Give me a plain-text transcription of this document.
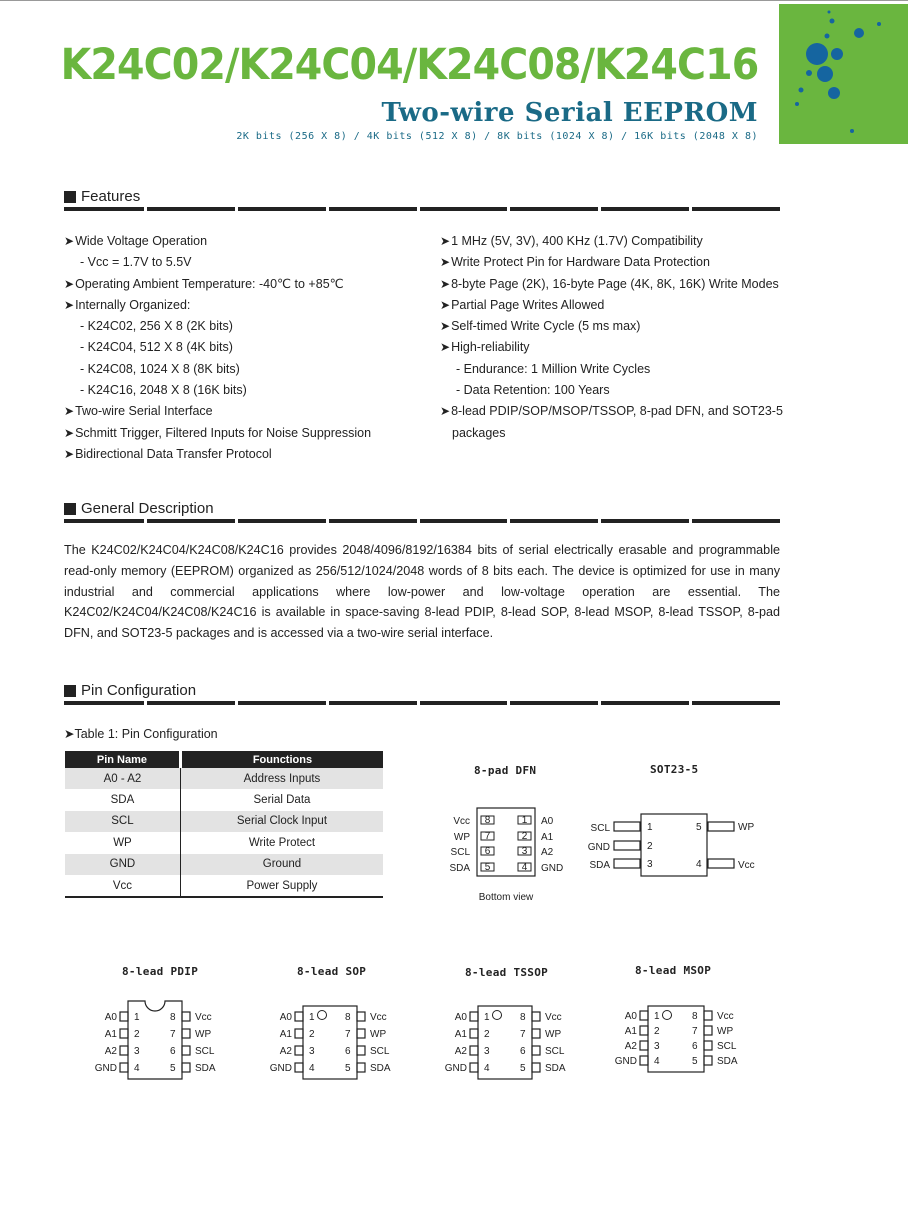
K24C02/K24C04/K24C08/K24C16
Two-wire Serial EEPROM
2K bits (256 X 8) / 4K bits (512 X 8) / 8K bits (1024 X 8) / 16K bits (2048 X 8)
Features
➤Wide Voltage Operation
- Vcc = 1.7V to 5.5V
➤Operating Ambient Temperature: -40℃ to +85℃
➤Internally Organized:
- K24C02, 256 X 8 (2K bits)
- K24C04, 512 X 8 (4K bits)
- K24C08, 1024 X 8 (8K bits)
- K24C16, 2048 X 8 (16K bits)
➤Two-wire Serial Interface
➤Schmitt Trigger, Filtered Inputs for Noise Suppression
➤Bidirectional Data Transfer Protocol
➤1 MHz (5V, 3V), 400 KHz (1.7V) Compatibility
➤Write Protect Pin for Hardware Data Protection
➤8-byte Page (2K), 16-byte Page (4K, 8K, 16K) Write Modes
➤Partial Page Writes Allowed
➤Self-timed Write Cycle (5 ms max)
➤High-reliability
- Endurance: 1 Million Write Cycles
- Data Retention: 100 Years
➤8-lead PDIP/SOP/MSOP/TSSOP, 8-pad DFN, and SOT23-5
packages
General Description
The K24C02/K24C04/K24C08/K24C16 provides 2048/4096/8192/16384 bits of serial electrically erasable and programmable read-only memory (EEPROM) organized as 256/512/1024/2048 words of 8 bits each. The device is optimized for use in many industrial and commercial applications where low-power and low-voltage operation are essential. The K24C02/K24C04/K24C08/K24C16 is available in space-saving 8-lead PDIP, 8-lead SOP, 8-lead MSOP, 8-lead TSSOP, 8-pad DFN, and SOT23-5 packages and is accessed via a two-wire serial interface.
Pin Configuration
➤Table 1: Pin Configuration
Pin Name	Founctions
A0 - A2	Address Inputs
SDA	Serial Data
SCL	Serial Clock Input
WP	Write Protect
GND	Ground
Vcc	Power Supply
8-pad DFN
Vcc
WP
SCL
SDA
8
7
6
5
1
2
3
4
A0
A1
A2
GND
Bottom view
SOT23-5
SCL
GND
SDA
1
2
3
5
4
WP
Vcc
8-lead PDIP
A0
A1
A2
GND
1
2
3
4
8
7
6
5
Vcc
WP
SCL
SDA
8-lead SOP
A0
A1
A2
GND
1
2
3
4
8
7
6
5
Vcc
WP
SCL
SDA
8-lead TSSOP
A0
A1
A2
GND
1
2
3
4
8
7
6
5
Vcc
WP
SCL
SDA
8-lead MSOP
A0
A1
A2
GND
1
2
3
4
8
7
6
5
Vcc
WP
SCL
SDA
